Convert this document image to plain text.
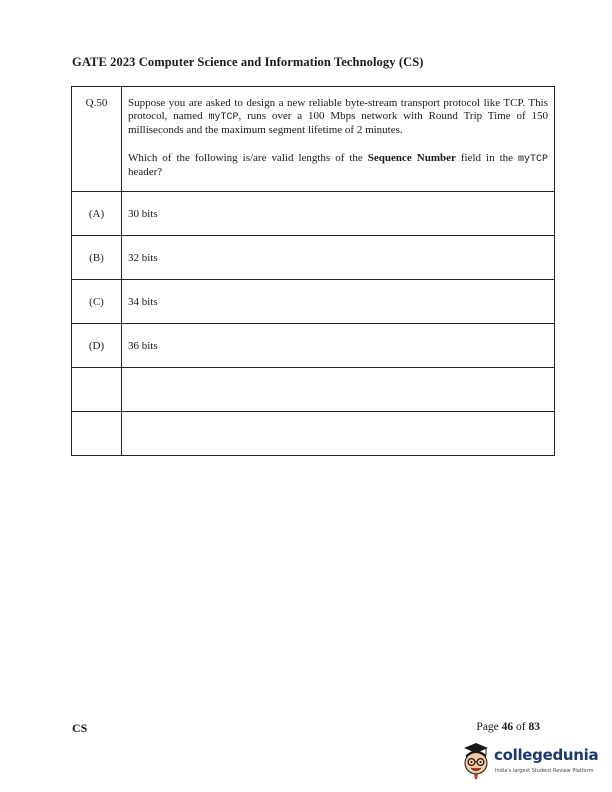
GATE 2023 Computer Science and Information Technology (CS)
Q.50	Suppose you are asked to design a new reliable byte-stream transport protocol like TCP. This protocol, named myTCP, runs over a 100 Mbps network with Round Trip Time of 150 milliseconds and the maximum segment lifetime of 2 minutes.

Which of the following is/are valid lengths of the Sequence Number field in the myTCP header?

(A)	30 bits
(B)	32 bits
(C)	34 bits
(D)	36 bits

CS	Page 46 of 83
collegedunia
India's largest Student Review Platform
